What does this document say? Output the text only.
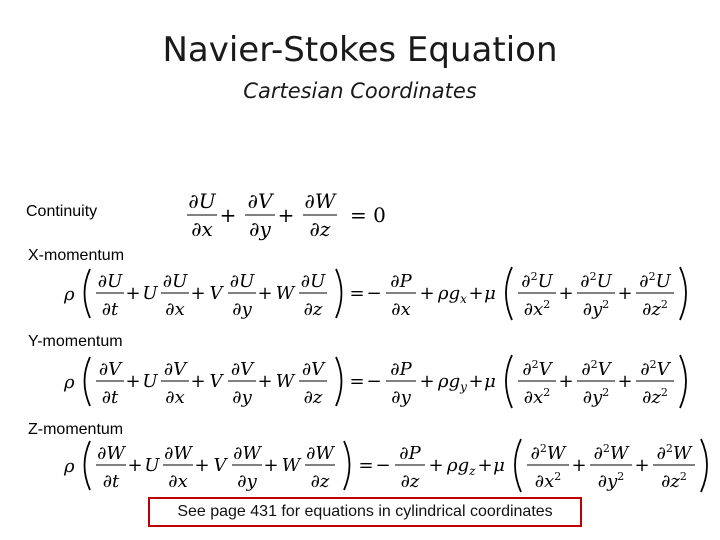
Navier-Stokes Equation
Cartesian Coordinates
Continuity
X-momentum
Y-momentum
Z-momentum
∂U
∂x
+
∂V
∂y
+
∂W
∂z
= 0
ρ
∂U
∂t
+ U
∂U
∂x
+ V
∂U
∂y
+ W
∂U
∂z
= −
∂P
∂x
+ $\rho g_x + \mu$
∂$^2$U
$\partial x^2$
+
∂$^2$U
$\partial y^2$
+
∂$^2$U
$\partial z^2$
ρ
∂V
∂t
+ U
∂V
∂x
+ V
∂V
∂y
+ W
∂V
∂z
= −
∂P
∂y
+ $\rho g_y + \mu$
∂$^2$V
$\partial x^2$
+
∂$^2$V
$\partial y^2$
+
∂$^2$V
$\partial z^2$
ρ
∂W
∂t
+ U
∂W
∂x
+ V
∂W
∂y
+ W
∂W
∂z
= −
∂P
∂z
+ $\rho g_z + \mu$
∂$^2$W
$\partial x^2$
+
∂$^2$W
$\partial y^2$
+
∂$^2$W
$\partial z^2$
See page 431 for equations in cylindrical coordinates
